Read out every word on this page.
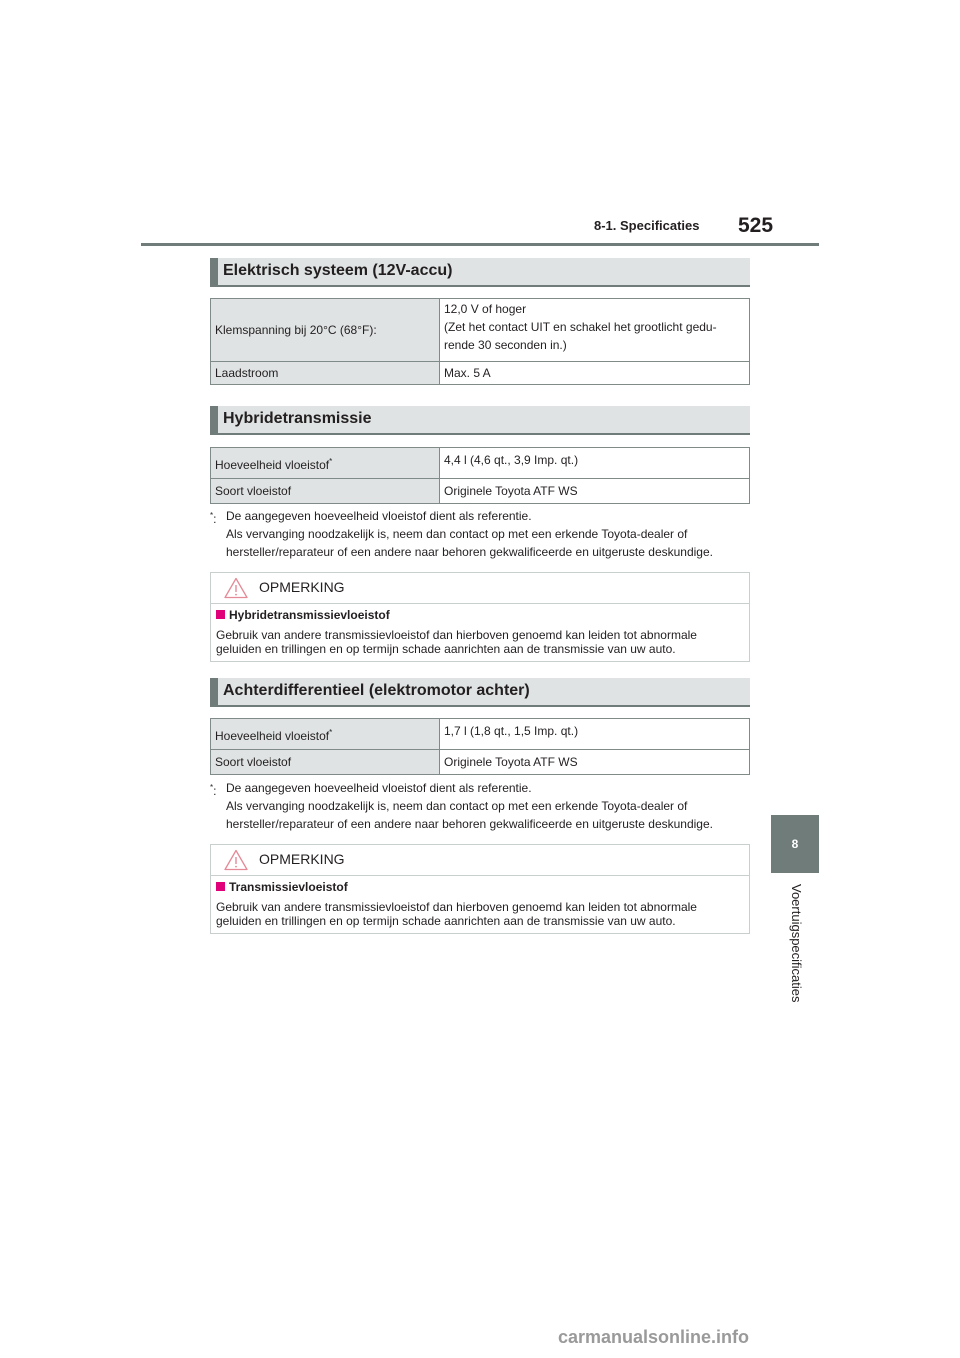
8-1. Specificaties 525
8
Voertuigspecificaties
Elektrisch systeem (12V-accu)
Klemspanning bij 20°C (68°F):	12,0 V of hoger
(Zet het contact UIT en schakel het grootlicht gedu-
rende 30 seconden in.)

Laadstroom	Max. 5 A
Hybridetransmissie
Hoeveelheid vloeistof*	4,4 l (4,6 qt., 3,9 Imp. qt.)
Soort vloeistof	Originele Toyota ATF WS
*: De aangegeven hoeveelheid vloeistof dient als referentie.
Als vervanging noodzakelijk is, neem dan contact op met een erkende Toyota-dealer of
hersteller/reparateur of een andere naar behoren gekwalificeerde en uitgeruste deskundige.
OPMERKING
Hybridetransmissievloeistof
Gebruik van andere transmissievloeistof dan hierboven genoemd kan leiden tot abnormale geluiden en trillingen en op termijn schade aanrichten aan de transmissie van uw auto.
Achterdifferentieel (elektromotor achter)
Hoeveelheid vloeistof*	1,7 l (1,8 qt., 1,5 Imp. qt.)
Soort vloeistof	Originele Toyota ATF WS
*: De aangegeven hoeveelheid vloeistof dient als referentie.
Als vervanging noodzakelijk is, neem dan contact op met een erkende Toyota-dealer of
hersteller/reparateur of een andere naar behoren gekwalificeerde en uitgeruste deskundige.
OPMERKING
Transmissievloeistof
Gebruik van andere transmissievloeistof dan hierboven genoemd kan leiden tot abnormale geluiden en trillingen en op termijn schade aanrichten aan de transmissie van uw auto.
carmanualsonline.info
